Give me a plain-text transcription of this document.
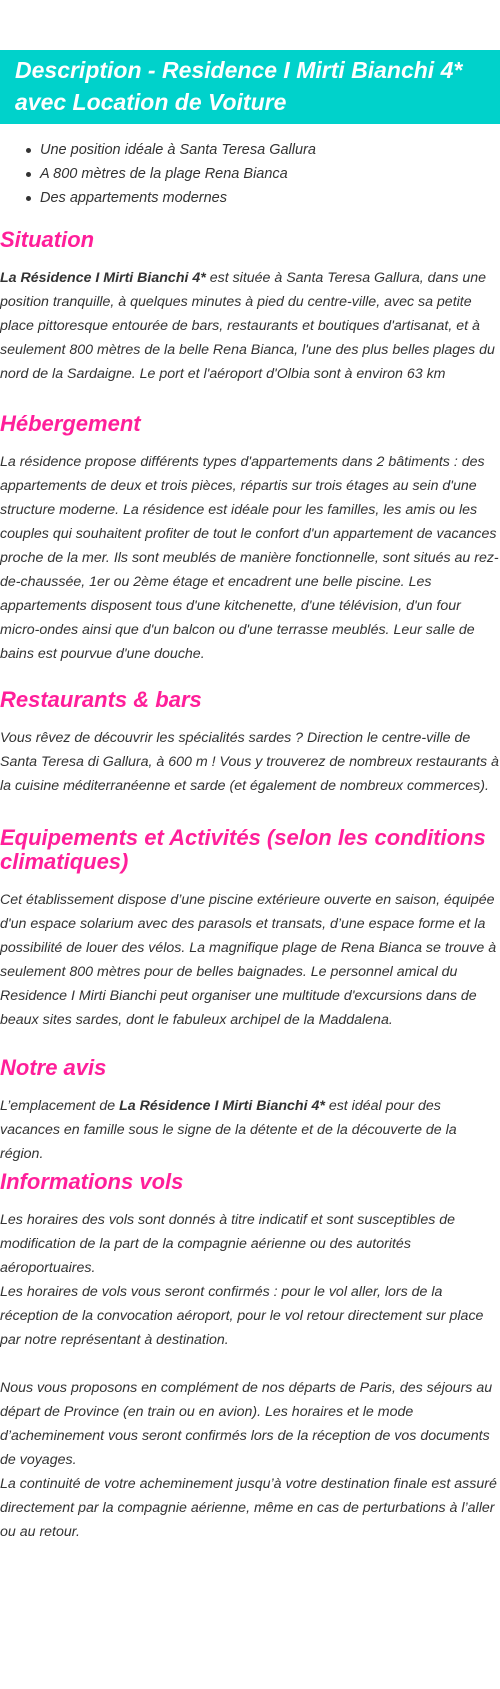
Description - Residence I Mirti Bianchi 4* avec Location de Voiture
Une position idéale à Santa Teresa Gallura
A 800 mètres de la plage Rena Bianca
Des appartements modernes
Situation

La Résidence I Mirti Bianchi 4* est située à Santa Teresa Gallura, dans une position tranquille, à quelques minutes à pied du centre-ville, avec sa petite place pittoresque entourée de bars, restaurants et boutiques d'artisanat, et à seulement 800 mètres de la belle Rena Bianca, l'une des plus belles plages du nord de la Sardaigne. Le port et l'aéroport d'Olbia sont à environ 63 km

Hébergement

La résidence propose différents types d'appartements dans 2 bâtiments : des appartements de deux et trois pièces, répartis sur trois étages au sein d'une structure moderne. La résidence est idéale pour les familles, les amis ou les couples qui souhaitent profiter de tout le confort d'un appartement de vacances proche de la mer. Ils sont meublés de manière fonctionnelle, sont situés au rez-de-chaussée, 1er ou 2ème étage et encadrent une belle piscine. Les appartements disposent tous d'une kitchenette, d'une télévision, d'un four micro-ondes ainsi que d'un balcon ou d'une terrasse meublés. Leur salle de bains est pourvue d'une douche.

Restaurants & bars

Vous rêvez de découvrir les spécialités sardes ? Direction le centre-ville de Santa Teresa di Gallura, à 600 m ! Vous y trouverez de nombreux restaurants à la cuisine méditerranéenne et sarde (et également de nombreux commerces).

Equipements et Activités (selon les conditions climatiques)

Cet établissement dispose d’une piscine extérieure ouverte en saison, équipée d'un espace solarium avec des parasols et transats, d’une espace forme et la possibilité de louer des vélos. La magnifique plage de Rena Bianca se trouve à seulement 800 mètres pour de belles baignades. Le personnel amical du Residence I Mirti Bianchi peut organiser une multitude d'excursions dans de beaux sites sardes, dont le fabuleux archipel de la Maddalena.

Notre avis

L’emplacement de La Résidence I Mirti Bianchi 4* est idéal pour des vacances en famille sous le signe de la détente et de la découverte de la région.

Informations vols

Les horaires des vols sont donnés à titre indicatif et sont susceptibles de modification de la part de la compagnie aérienne ou des autorités aéroportuaires.

Les horaires de vols vous seront confirmés : pour le vol aller, lors de la réception de la convocation aéroport, pour le vol retour directement sur place par notre représentant à destination.

Nous vous proposons en complément de nos départs de Paris, des séjours au départ de Province (en train ou en avion). Les horaires et le mode d’acheminement vous seront confirmés lors de la réception de vos documents de voyages.

La continuité de votre acheminement jusqu’à votre destination finale est assuré directement par la compagnie aérienne, même en cas de perturbations à l’aller ou au retour.
